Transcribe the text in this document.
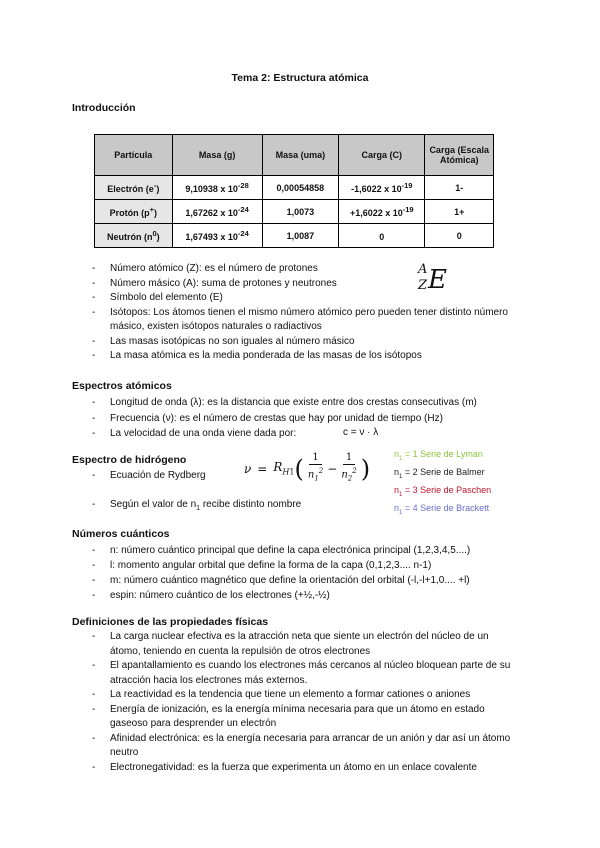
Tema 2: Estructura atómica
Introducción
Partícula	Masa (g)	Masa (uma)	Carga (C)	Carga (Escala Atómica)
Electrón (e-)	9,10938 x $10^{-28}$	0,00054858	-1,6022 x $10^{-19}$	1-
Protón (p+)	1,67262 x $10^{-24}$	1,0073	+1,6022 x $10^{-19}$	1+
Neutrón $(n^0)$	1,67493 x $10^{-24}$	1,0087	0	0
- Número atómico (Z): es el número de protones
- Número másico (A): suma de protones y neutrones
- Símbolo del elemento (E)
- Isótopos: Los átomos tienen el mismo número atómico pero pueden tener distinto número másico, existen isótopos naturales o radiactivos
- Las masas isotópicas no son iguales al número másico
- La masa atómica es la media ponderada de las masas de los isótopos
A
Z E
Espectros atómicos
- Longitud de onda (λ): es la distancia que existe entre dos crestas consecutivas (m)
- Frecuencia (ν): es el número de crestas que hay por unidad de tiempo (Hz)
- La velocidad de una onda viene dada por:	c = ν · λ
Espectro de hidrógeno
- Ecuación de Rydberg	$\nu = R_{H1}$ ( $\frac{1}{n_1^2} - \frac{1}{n_2^2}$ )
- Según el valor de $n_1$ recibe distinto nombre
$n_1 = 1$ Serie de Lyman
$n_1 = 2$ Serie de Balmer
$n_1 = 3$ Serie de Paschen
$n_1 = 4$ Serie de Brackett
Números cuánticos
- n: número cuántico principal que define la capa electrónica principal (1,2,3,4,5....)
- l: momento angular orbital que define la forma de la capa (0,1,2,3.... n-1)
- m: número cuántico magnético que define la orientación del orbital (-l,-l+1,0.... +l)
- espin: número cuántico de los electrones (+½,-½)
Definiciones de las propiedades físicas
- La carga nuclear efectiva es la atracción neta que siente un electrón del núcleo de un átomo, teniendo en cuenta la repulsión de otros electrones
- El apantallamiento es cuando los electrones más cercanos al núcleo bloquean parte de su atracción hacia los electrones más externos.
- La reactividad es la tendencia que tiene un elemento a formar cationes o aniones
- Energía de ionización, es la energía mínima necesaria para que un átomo en estado gaseoso para desprender un electrón
- Afinidad electrónica: es la energía necesaria para arrancar de un anión y dar así un átomo neutro
- Electronegatividad: es la fuerza que experimenta un átomo en un enlace covalente
